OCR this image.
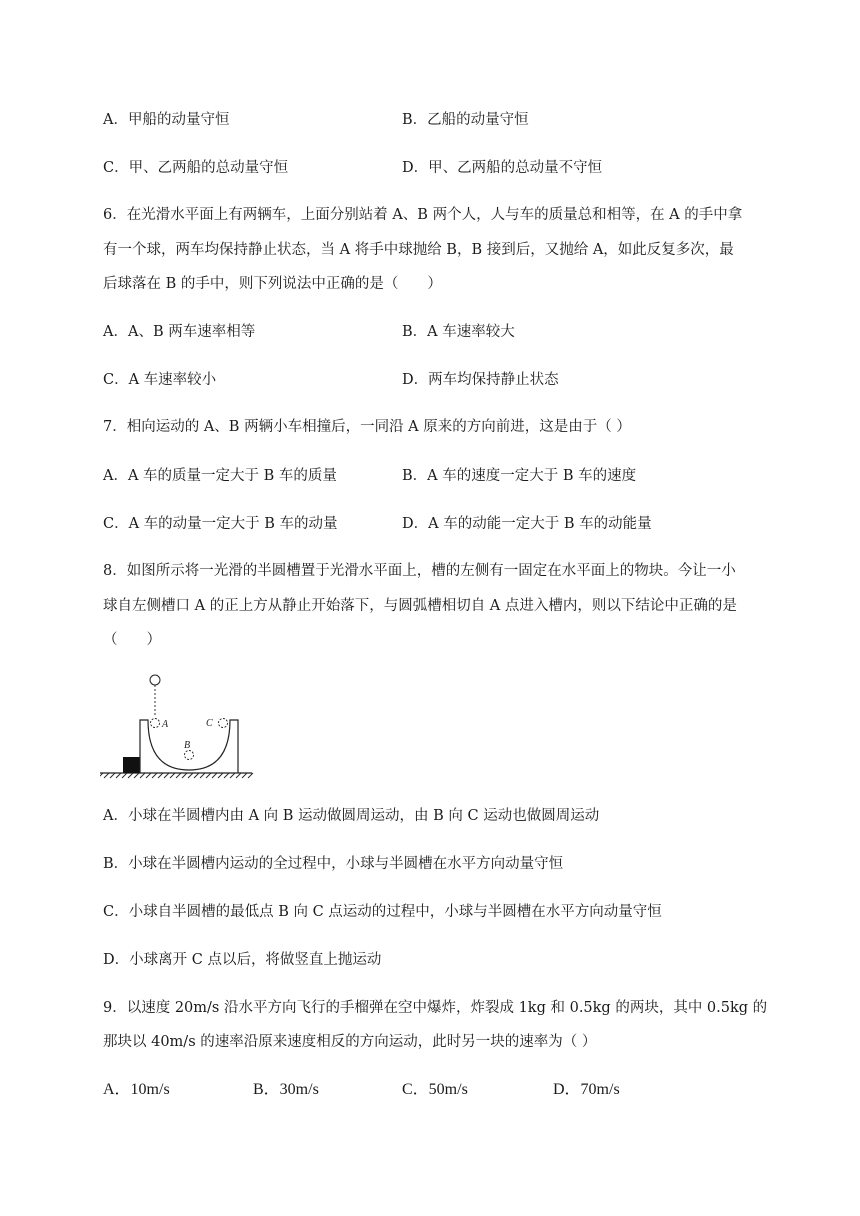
A．甲船的动量守恒	B．乙船的动量守恒
C．甲、乙两船的总动量守恒	D．甲、乙两船的总动量不守恒
6．在光滑水平面上有两辆车，上面分别站着 A、B 两个人，人与车的质量总和相等，在 A 的手中拿
有一个球，两车均保持静止状态，当 A 将手中球抛给 B，B 接到后，又抛给 A，如此反复多次，最
后球落在 B 的手中，则下列说法中正确的是（　　）
A．A、B 两车速率相等	B．A 车速率较大
C．A 车速率较小	D．两车均保持静止状态
7．相向运动的 A、B 两辆小车相撞后，一同沿 A 原来的方向前进，这是由于（ ）
A．A 车的质量一定大于 B 车的质量	B．A 车的速度一定大于 B 车的速度
C．A 车的动量一定大于 B 车的动量	D．A 车的动能一定大于 B 车的动能量
8．如图所示将一光滑的半圆槽置于光滑水平面上，槽的左侧有一固定在水平面上的物块。今让一小
球自左侧槽口 A 的正上方从静止开始落下，与圆弧槽相切自 A 点进入槽内，则以下结论中正确的是
（　　）
A
B
C
A．小球在半圆槽内由 A 向 B 运动做圆周运动，由 B 向 C 运动也做圆周运动
B．小球在半圆槽内运动的全过程中，小球与半圆槽在水平方向动量守恒
C．小球自半圆槽的最低点 B 向 C 点运动的过程中，小球与半圆槽在水平方向动量守恒
D．小球离开 C 点以后，将做竖直上抛运动
9．以速度 20m/s 沿水平方向飞行的手榴弹在空中爆炸，炸裂成 1kg 和 0.5kg 的两块，其中 0.5kg 的
那块以 40m/s 的速率沿原来速度相反的方向运动，此时另一块的速率为（ ）
A．10m/s	B．30m/s	C．50m/s	D．70m/s
